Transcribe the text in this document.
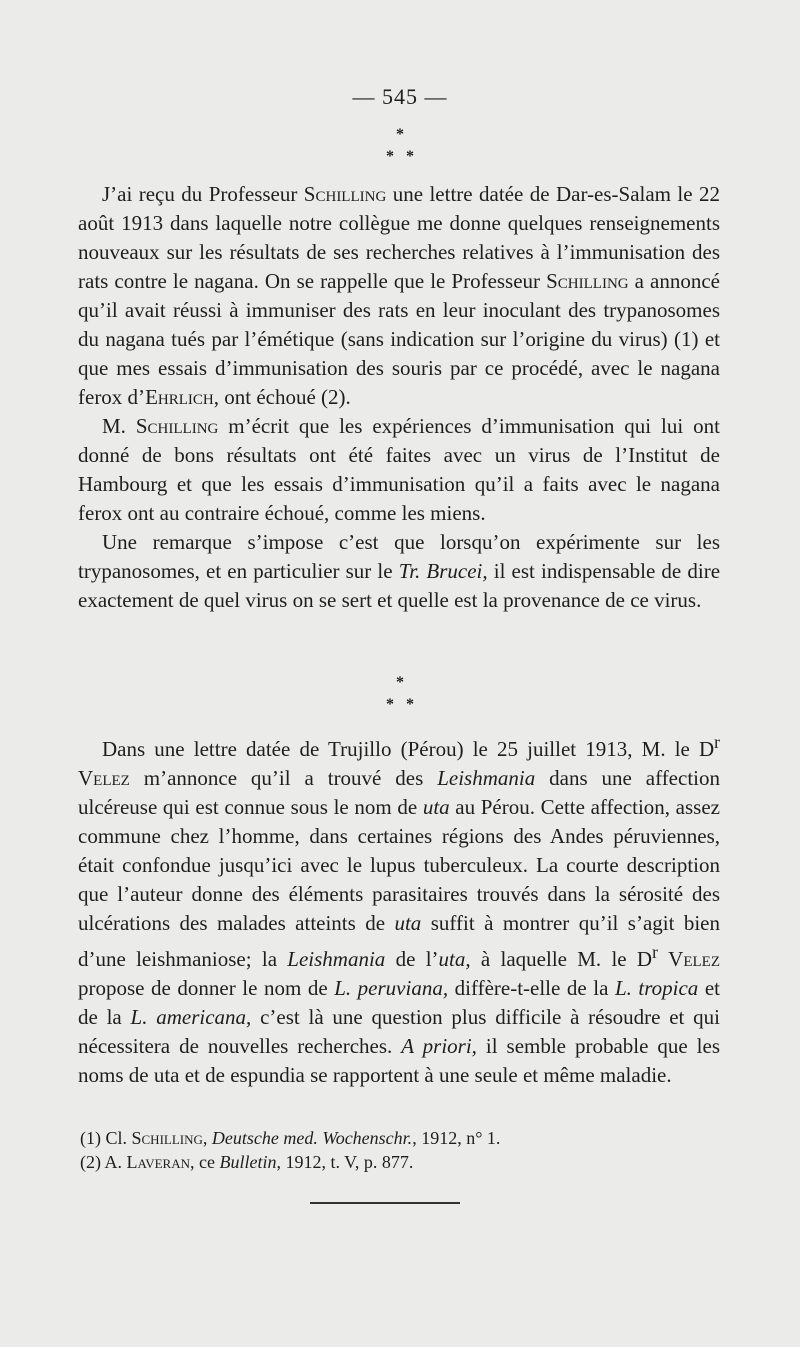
— 545 —
*
* *

J’ai reçu du Professeur Schilling une lettre datée de Dar-es-Salam le 22 août 1913 dans laquelle notre collègue me donne quelques renseignements nouveaux sur les résultats de ses recherches relatives à l’immunisation des rats contre le nagana. On se rappelle que le Professeur Schilling a annoncé qu’il avait réussi à immuniser des rats en leur inoculant des trypanosomes du nagana tués par l’émétique (sans indication sur l’origine du virus) (1) et que mes essais d’immunisation des souris par ce procédé, avec le nagana ferox d’Ehrlich, ont échoué (2).

M. Schilling m’écrit que les expériences d’immunisation qui lui ont donné de bons résultats ont été faites avec un virus de l’Institut de Hambourg et que les essais d’immunisation qu’il a faits avec le nagana ferox ont au contraire échoué, comme les miens.

Une remarque s’impose c’est que lorsqu’on expérimente sur les trypanosomes, et en particulier sur le Tr. Brucei, il est indispensable de dire exactement de quel virus on se sert et quelle est la provenance de ce virus.

*
* *

Dans une lettre datée de Trujillo (Pérou) le 25 juillet 1913, M. le $D^r$ Velez m’annonce qu’il a trouvé des Leishmania dans une affection ulcéreuse qui est connue sous le nom de uta au Pérou. Cette affection, assez commune chez l’homme, dans certaines régions des Andes péruviennes, était confondue jusqu’ici avec le lupus tuberculeux. La courte description que l’auteur donne des éléments parasitaires trouvés dans la sérosité des ulcérations des malades atteints de uta suffit à montrer qu’il s’agit bien d’une leishmaniose; la Leishmania de l’uta, à laquelle M. le $D^r$ Velez propose de donner le nom de L. peruviana, diffère-t-elle de la L. tropica et de la L. americana, c’est là une question plus difficile à résoudre et qui nécessitera de nouvelles recherches. A priori, il semble probable que les noms de uta et de espundia se rapportent à une seule et même maladie.

(1) Cl. Schilling, Deutsche med. Wochenschr., 1912, n° 1.
(2) A. Laveran, ce Bulletin, 1912, t. V, p. 877.
